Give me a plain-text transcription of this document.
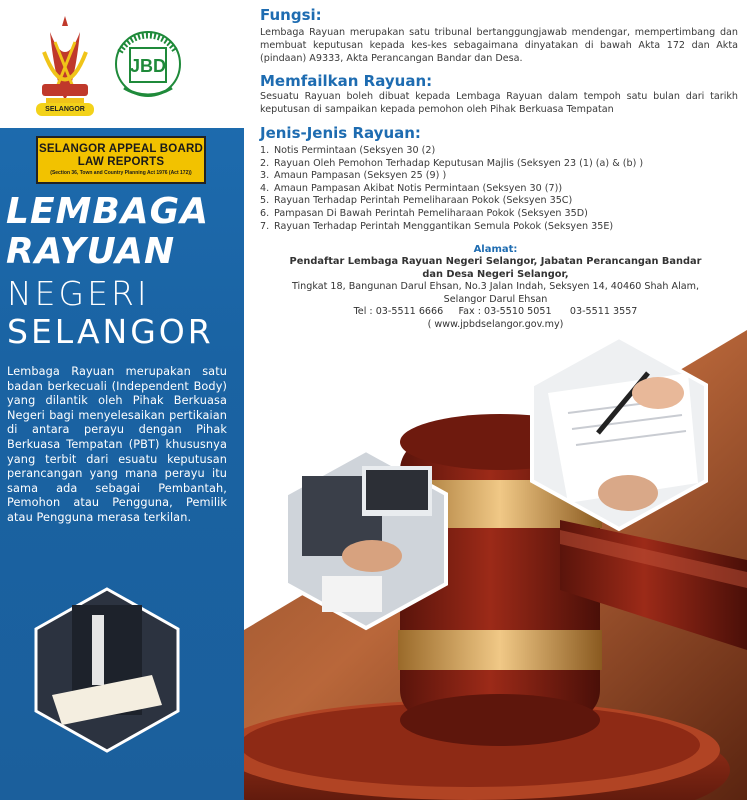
SELANGOR
JBD
SELANGOR APPEAL BOARD
LAW REPORTS
(Section 36, Town and Country Planning Act 1976 (Act 172))
LEMBAGA
RAYUAN
NEGERI
SELANGOR
Lembaga Rayuan merupakan satu badan berkecuali (Independent Body) yang dilantik oleh Pihak Berkuasa Negeri bagi menyelesaikan pertikaian di antara perayu dengan Pihak Berkuasa Tempatan (PBT) khususnya yang terbit dari esuatu keputusan perancangan yang mana perayu itu sama ada sebagai Pembantah, Pemohon atau Pengguna, Pemilik atau Pengguna merasa terkilan.
Fungsi:
Lembaga Rayuan merupakan satu tribunal bertanggungjawab mendengar, mempertimbang dan membuat keputusan kepada kes-kes sebagaimana dinyatakan di bawah Akta 172 dan Akta (pindaan) A9333, Akta Perancangan Bandar dan Desa.
Memfailkan Rayuan:
Sesuatu Rayuan boleh dibuat kepada Lembaga Rayuan dalam tempoh satu bulan dari tarikh keputusan di sampaikan kepada pemohon oleh Pihak Berkuasa Tempatan
Jenis-Jenis Rayuan:
1. Notis Permintaan (Seksyen 30 (2)
2. Rayuan Oleh Pemohon Terhadap Keputusan Majlis (Seksyen 23 (1) (a) & (b) )
3. Amaun Pampasan (Seksyen 25 (9) )
4. Amaun Pampasan Akibat Notis Permintaan (Seksyen 30 (7))
5. Rayuan Terhadap Perintah Pemeliharaan Pokok (Seksyen 35C)
6. Pampasan Di Bawah Perintah Pemeliharaan Pokok (Seksyen 35D)
7. Rayuan Terhadap Perintah Menggantikan Semula Pokok (Seksyen 35E)
Alamat:
Pendaftar Lembaga Rayuan Negeri Selangor, Jabatan Perancangan Bandar
dan Desa Negeri Selangor,
Tingkat 18, Bangunan Darul Ehsan, No.3 Jalan Indah, Seksyen 14, 40460 Shah Alam,
Selangor Darul Ehsan
Tel : 03-5511 6666     Fax : 03-5510 5051      03-5511 3557
( www.jpbdselangor.gov.my)
